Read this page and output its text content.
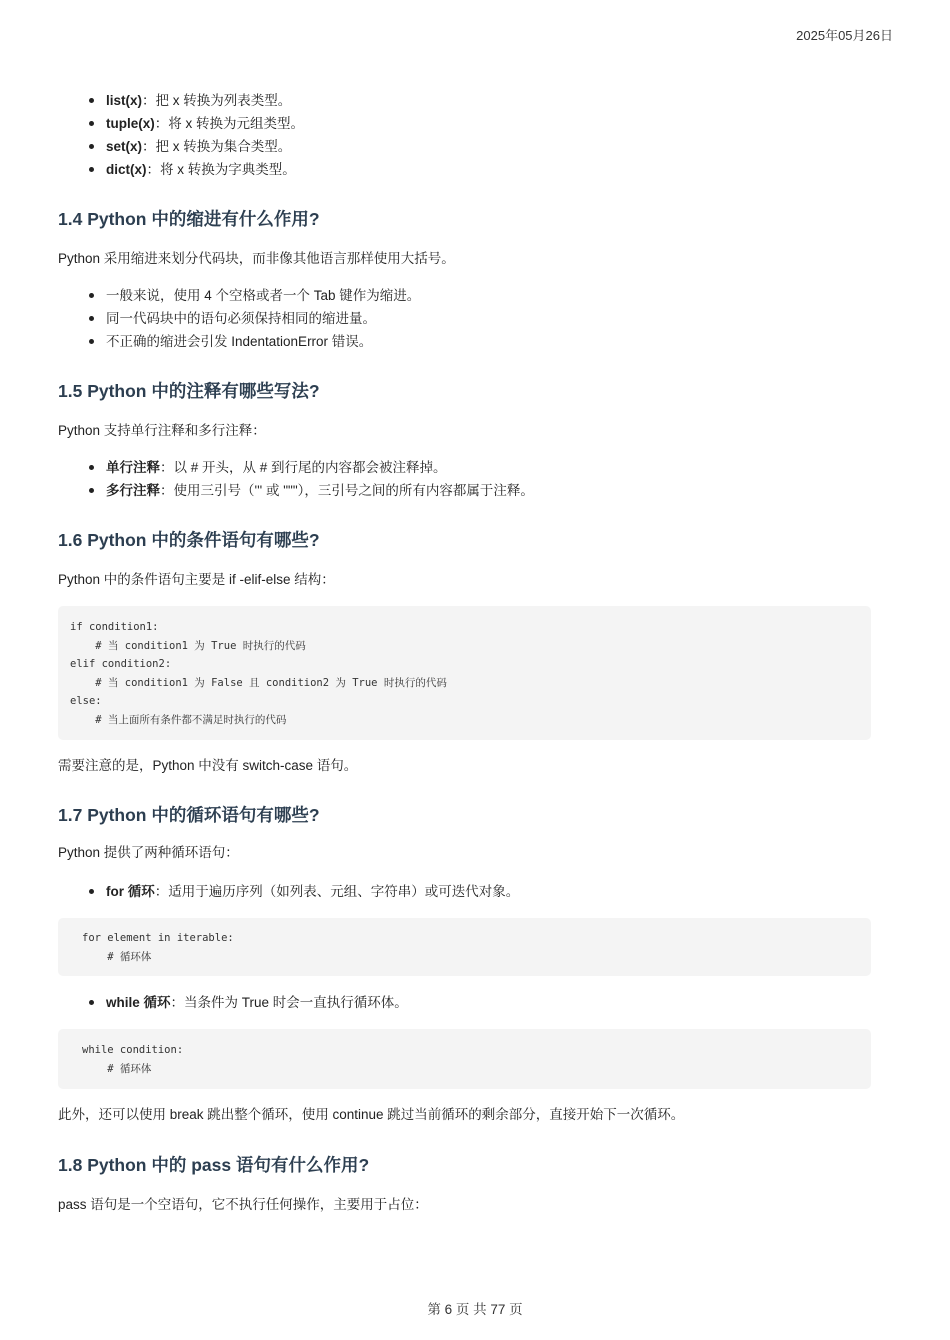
2025年05月26日
list(x)：把 x 转换为列表类型。
tuple(x)：将 x 转换为元组类型。
set(x)：把 x 转换为集合类型。
dict(x)：将 x 转换为字典类型。
1.4 Python 中的缩进有什么作用?

Python 采用缩进来划分代码块，而非像其他语言那样使用大括号。

一般来说，使用 4 个空格或者一个 Tab 键作为缩进。
同一代码块中的语句必须保持相同的缩进量。
不正确的缩进会引发 IndentationError 错误。
1.5 Python 中的注释有哪些写法?

Python 支持单行注释和多行注释：

单行注释：以 # 开头，从 # 到行尾的内容都会被注释掉。
多行注释：使用三引号（''' 或 """），三引号之间的所有内容都属于注释。
1.6 Python 中的条件语句有哪些?

Python 中的条件语句主要是 if -elif-else 结构：

if condition1:
# 当 condition1 为 True 时执行的代码
elif condition2:
# 当 condition1 为 False 且 condition2 为 True 时执行的代码
else:
# 当上面所有条件都不满足时执行的代码

需要注意的是，Python 中没有 switch-case 语句。

1.7 Python 中的循环语句有哪些?

Python 提供了两种循环语句：

for 循环：适用于遍历序列（如列表、元组、字符串）或可迭代对象。
for element in iterable:
# 循环体
while 循环：当条件为 True 时会一直执行循环体。
while condition:
# 循环体

此外，还可以使用 break 跳出整个循环，使用 continue 跳过当前循环的剩余部分，直接开始下一次循环。

1.8 Python 中的 pass 语句有什么作用?

pass 语句是一个空语句，它不执行任何操作，主要用于占位：

第 6 页 共 77 页
